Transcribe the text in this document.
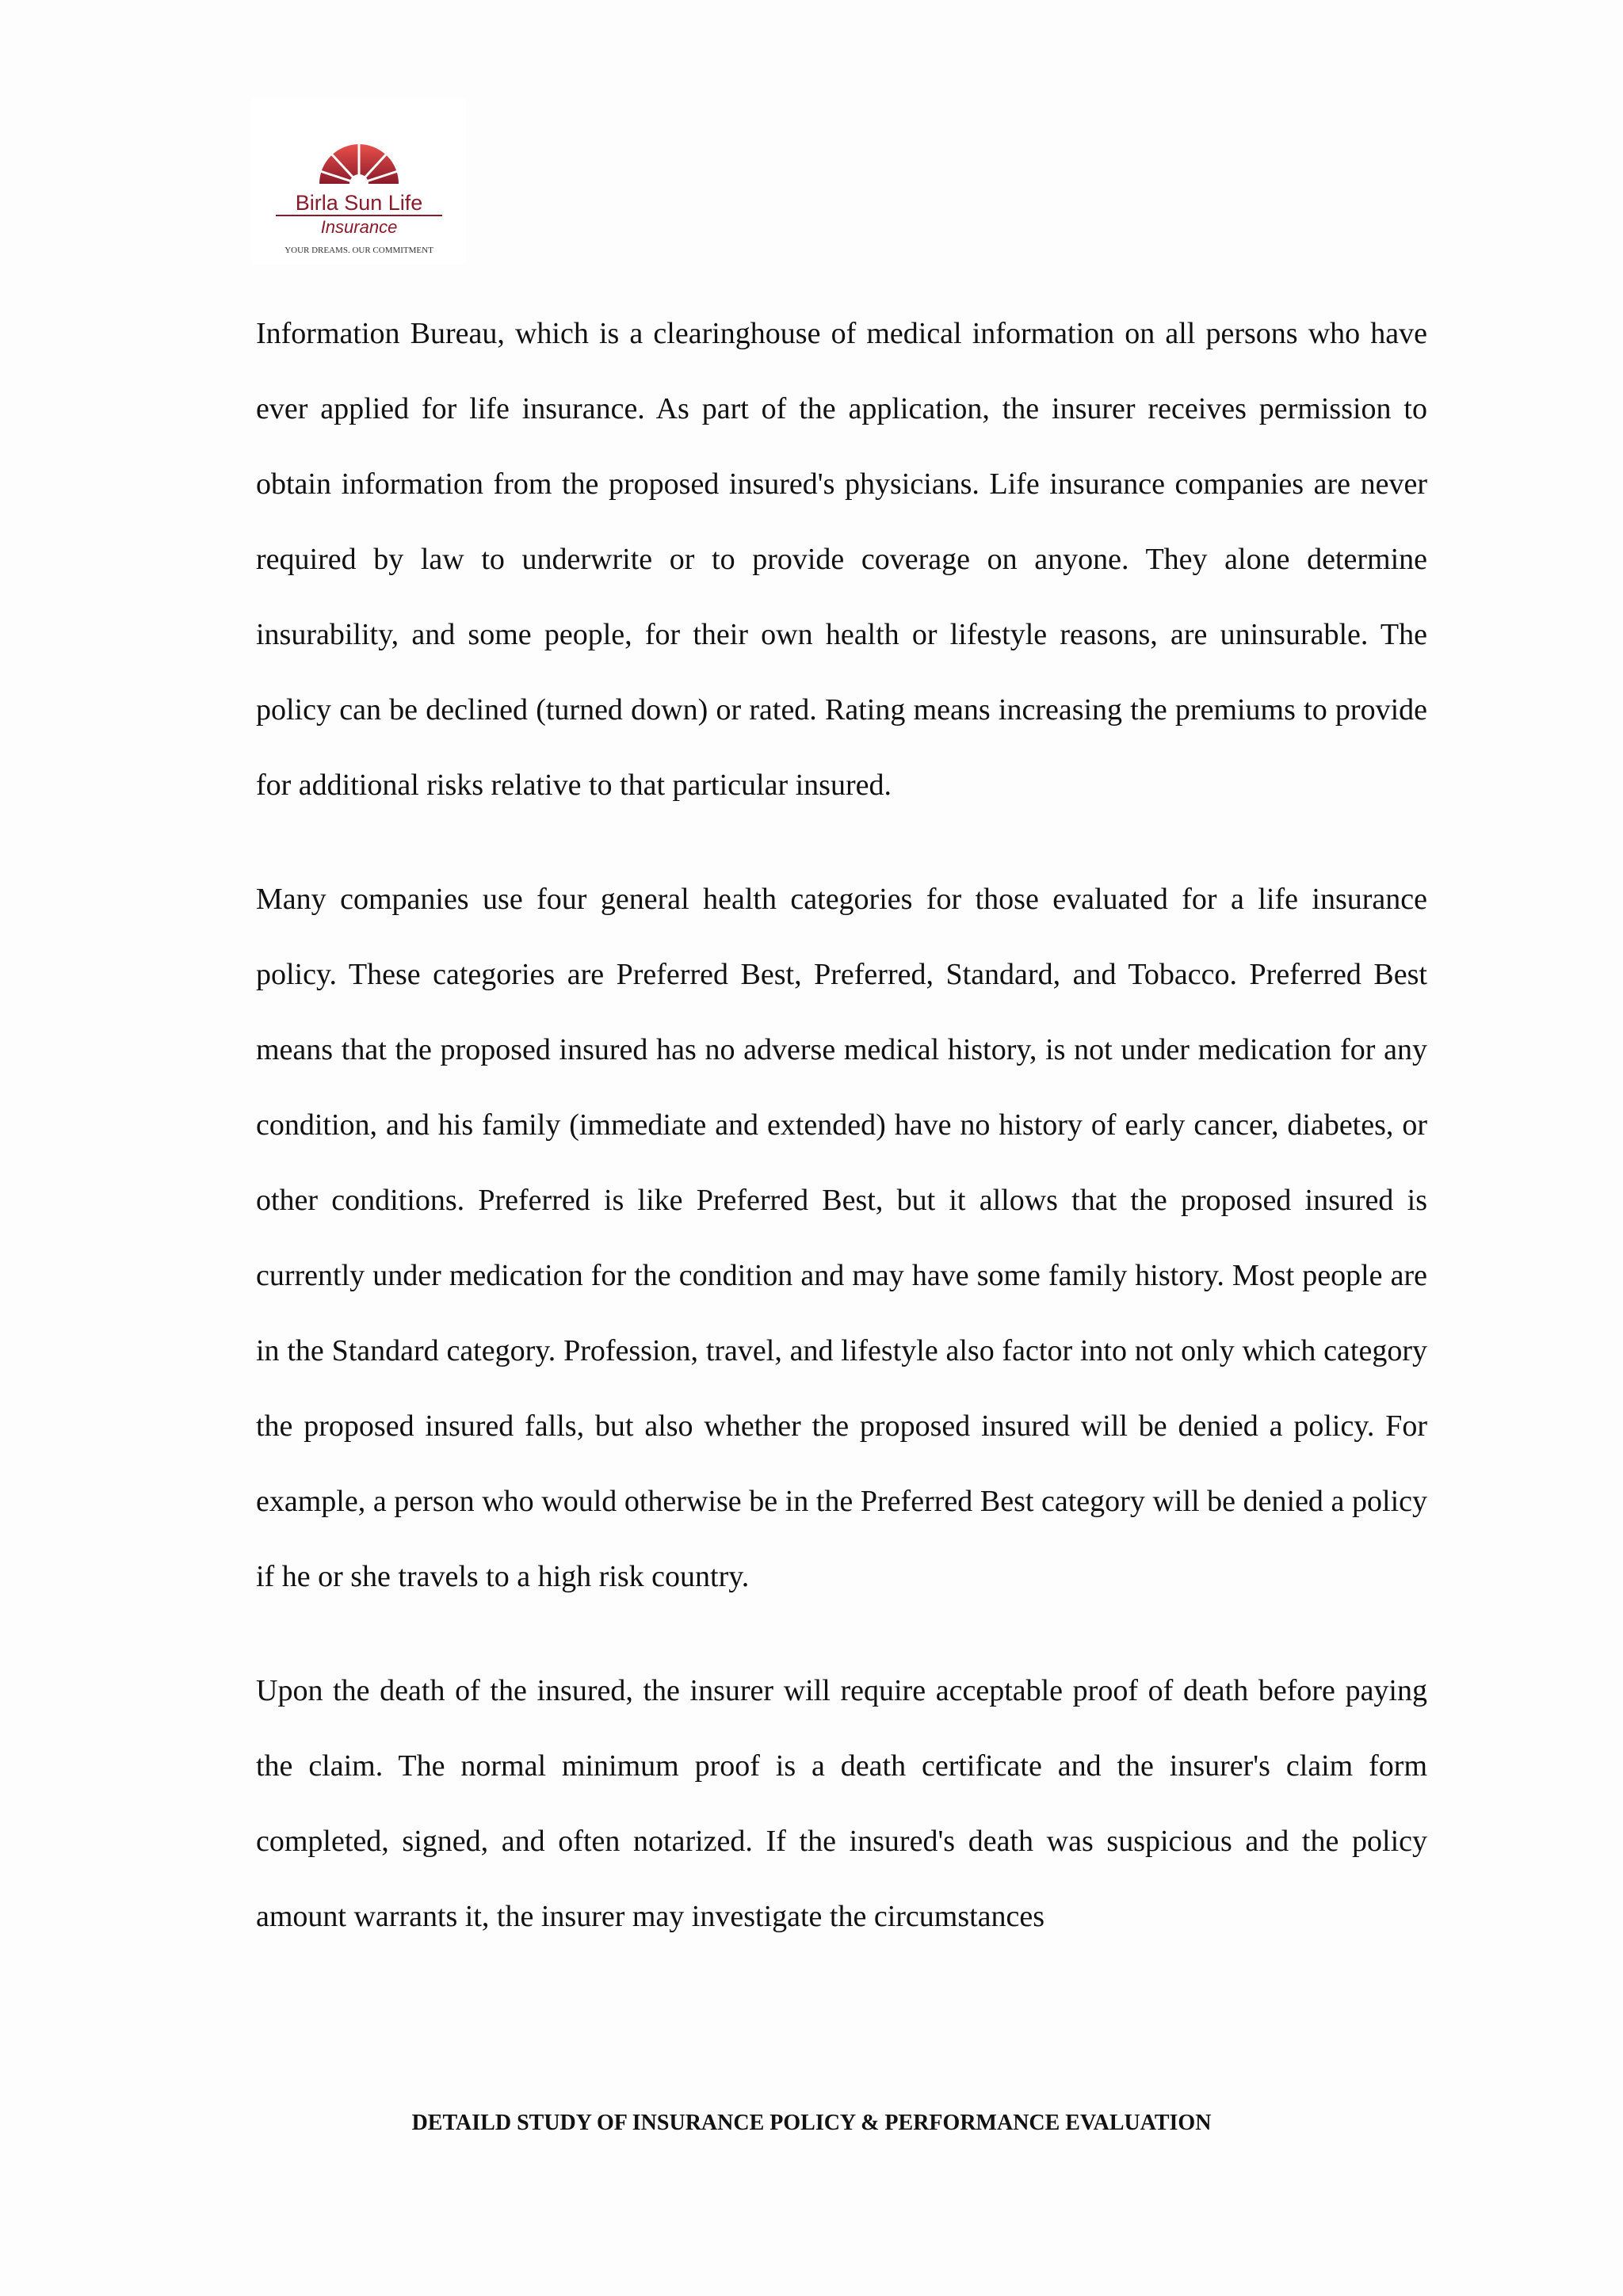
Birla Sun Life
Insurance
YOUR DREAMS. OUR COMMITMENT

Information Bureau, which is a clearinghouse of medical information on all persons who have ever applied for life insurance. As part of the application, the insurer receives permission to obtain information from the proposed insured's physicians. Life insurance companies are never required by law to underwrite or to provide coverage on anyone. They alone determine insurability, and some people, for their own health or lifestyle reasons, are uninsurable. The policy can be declined (turned down) or rated. Rating means increasing the premiums to provide for additional risks relative to that particular insured.

Many companies use four general health categories for those evaluated for a life insurance policy. These categories are Preferred Best, Preferred, Standard, and Tobacco. Preferred Best means that the proposed insured has no adverse medical history, is not under medication for any condition, and his family (immediate and extended) have no history of early cancer, diabetes, or other conditions. Preferred is like Preferred Best, but it allows that the proposed insured is currently under medication for the condition and may have some family history. Most people are in the Standard category. Profession, travel, and lifestyle also factor into not only which category the proposed insured falls, but also whether the proposed insured will be denied a policy. For example, a person who would otherwise be in the Preferred Best category will be denied a policy if he or she travels to a high risk country.

Upon the death of the insured, the insurer will require acceptable proof of death before paying the claim. The normal minimum proof is a death certificate and the insurer's claim form completed, signed, and often notarized. If the insured's death was suspicious and the policy amount warrants it, the insurer may investigate the circumstances

DETAILD STUDY OF INSURANCE POLICY & PERFORMANCE EVALUATION
